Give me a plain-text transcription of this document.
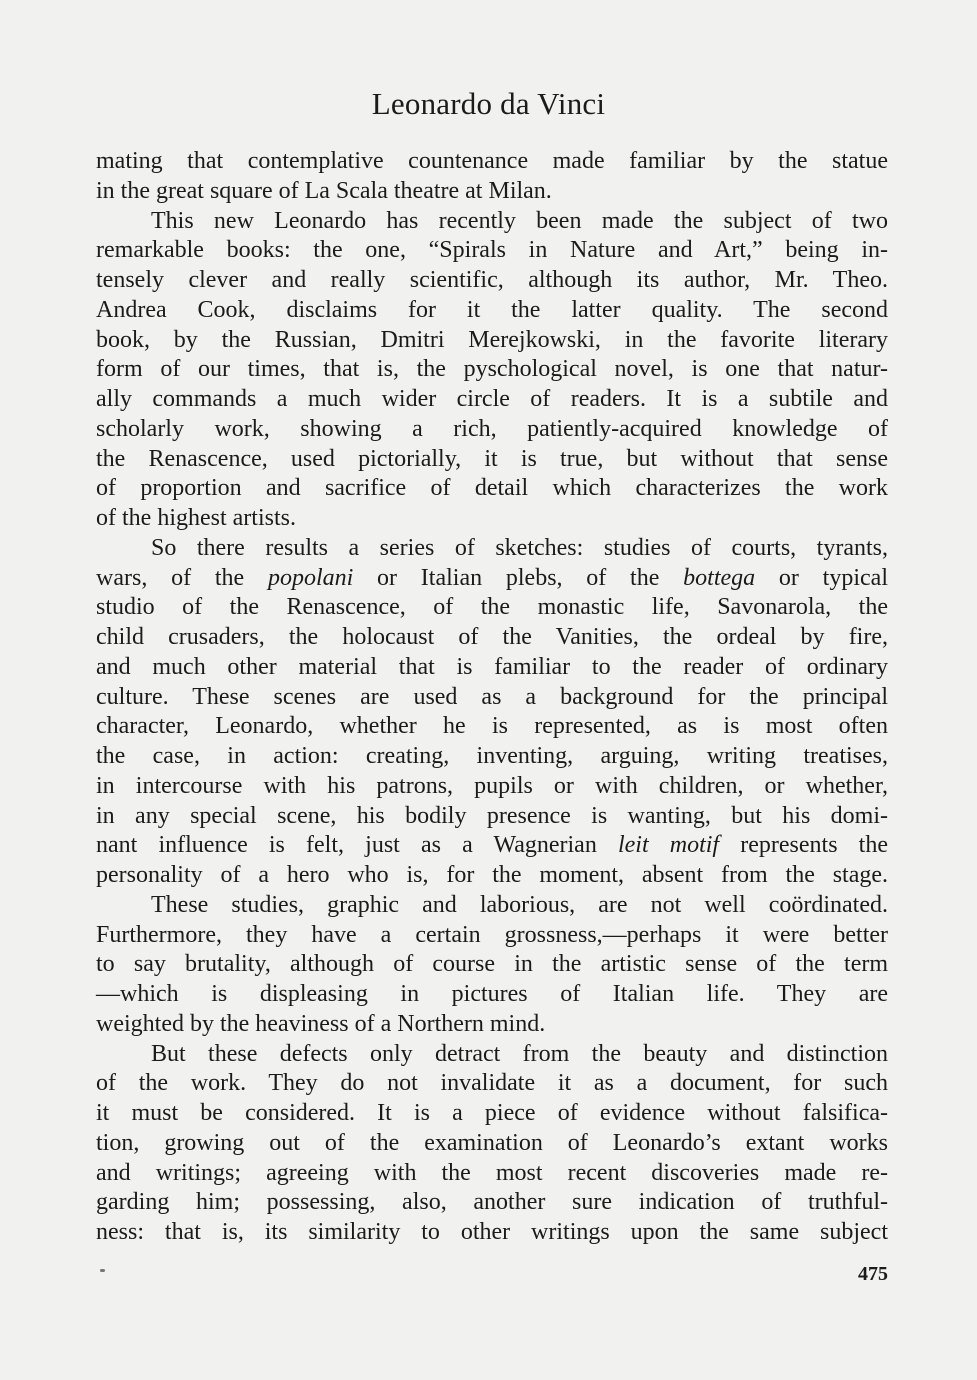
Leonardo da Vinci
mating that contemplative countenance made familiar by the statue
in the great square of La Scala theatre at Milan.
This new Leonardo has recently been made the subject of two
remarkable books: the one, “Spirals in Nature and Art,” being in-
tensely clever and really scientific, although its author, Mr. Theo.
Andrea Cook, disclaims for it the latter quality. The second
book, by the Russian, Dmitri Merejkowski, in the favorite literary
form of our times, that is, the pyschological novel, is one that natur-
ally commands a much wider circle of readers. It is a subtile and
scholarly work, showing a rich, patiently-acquired knowledge of
the Renascence, used pictorially, it is true, but without that sense
of proportion and sacrifice of detail which characterizes the work
of the highest artists.
So there results a series of sketches: studies of courts, tyrants,
wars, of the popolani or Italian plebs, of the bottega or typical
studio of the Renascence, of the monastic life, Savonarola, the
child crusaders, the holocaust of the Vanities, the ordeal by fire,
and much other material that is familiar to the reader of ordinary
culture. These scenes are used as a background for the principal
character, Leonardo, whether he is represented, as is most often
the case, in action: creating, inventing, arguing, writing treatises,
in intercourse with his patrons, pupils or with children, or whether,
in any special scene, his bodily presence is wanting, but his domi-
nant influence is felt, just as a Wagnerian leit motif represents the
personality of a hero who is, for the moment, absent from the stage.
These studies, graphic and laborious, are not well coördinated.
Furthermore, they have a certain grossness,—perhaps it were better
to say brutality, although of course in the artistic sense of the term
—which is displeasing in pictures of Italian life. They are
weighted by the heaviness of a Northern mind.
But these defects only detract from the beauty and distinction
of the work. They do not invalidate it as a document, for such
it must be considered. It is a piece of evidence without falsifica-
tion, growing out of the examination of Leonardo’s extant works
and writings; agreeing with the most recent discoveries made re-
garding him; possessing, also, another sure indication of truthful-
ness: that is, its similarity to other writings upon the same subject
475
